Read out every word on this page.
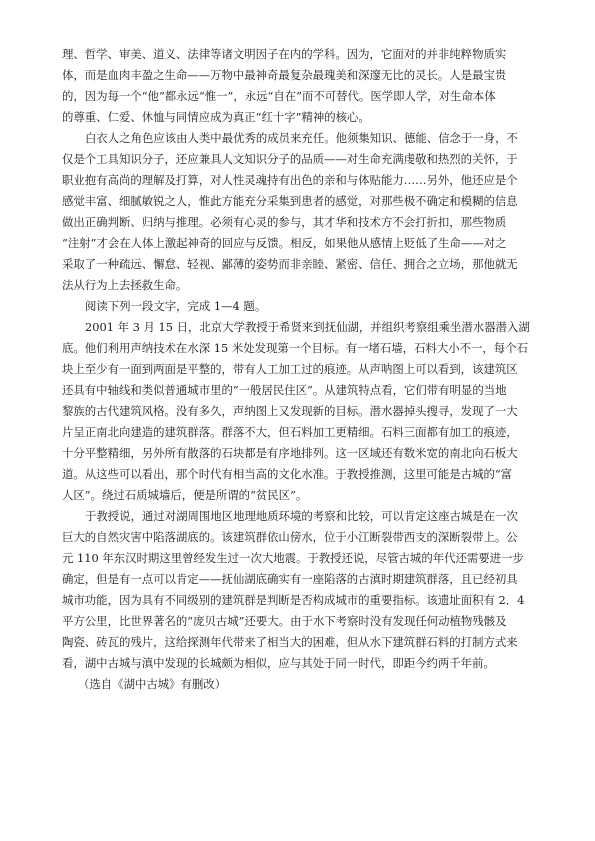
理、哲学、审美、道义、法律等诸文明因子在内的学科。因为，它面对的并非纯粹物质实
体，而是血肉丰盈之生命——万物中最神奇最复杂最瑰美和深邃无比的灵长。人是最宝贵
的，因为每一个“他”都永远“惟一”，永远“自在”而不可替代。医学即人学，对生命本体
的尊重、仁爱、休恤与同情应成为真正“红十字”精神的核心。
白衣人之角色应该由人类中最优秀的成员来充任。他须集知识、德能、信念于一身，不
仅是个工具知识分子，还应兼具人文知识分子的品质——对生命充满虔敬和热烈的关怀，于
职业抱有高尚的理解及打算，对人性灵魂持有出色的亲和与体贴能力……另外，他还应是个
感觉丰富、细腻敏锐之人，惟此方能充分采集到患者的感觉，对那些极不确定和模糊的信息
做出正确判断、归纳与推理。必须有心灵的参与，其才华和技术方不会打折扣，那些物质
“注射”才会在人体上激起神奇的回应与反馈。相反，如果他从感情上贬低了生命——对之
采取了一种疏远、懈怠、轻视、鄙薄的姿势而非亲睦、紧密、信任、拥合之立场，那他就无
法从行为上去拯救生命。
阅读下列一段文字，完成 1—4 题。
2001 年 3 月 15 日，北京大学教授于希贤来到抚仙湖，并组织考察组乘坐潜水器潜入湖
底。他们利用声纳技术在水深 15 米处发现第一个目标。有一堵石墙，石料大小不一，每个石
块上至少有一面到两面是平整的，带有人工加工过的痕迹。从声呐图上可以看到，该建筑区
还具有中轴线和类似普通城市里的“一般居民住区”。从建筑特点看，它们带有明显的当地
黎族的古代建筑风格。没有多久，声纳图上又发现新的目标。潜水器掉头搜寻，发现了一大
片呈正南北向建造的建筑群落。群落不大，但石料加工更精细。石料三面都有加工的痕迹，
十分平整精细，另外所有散落的石块都是有序地排列。这一区域还有数米宽的南北向石板大
道。从这些可以看出，那个时代有相当高的文化水准。于教授推测，这里可能是古城的“富
人区”。绕过石质城墙后，便是所谓的“贫民区”。
于教授说，通过对湖周围地区地理地质环境的考察和比较，可以肯定这座古城是在一次
巨大的自然灾害中陷落湖底的。该建筑群依山傍水，位于小江断裂带西支的深断裂带上。公
元 110 年东汉时期这里曾经发生过一次大地震。于教授还说，尽管古城的年代还需要进一步
确定，但是有一点可以肯定——抚仙湖底确实有一座陷落的古滇时期建筑群落，且已经初具
城市功能，因为具有不同级别的建筑群是判断是否构成城市的重要指标。该遗址面积有 2．4
平方公里，比世界著名的“庞贝古城”还要大。由于水下考察时没有发现任何动植物残骸及
陶瓷、砖瓦的残片，这给探测年代带来了相当大的困难，但从水下建筑群石料的打制方式来
看，湖中古城与滇中发现的长城颇为相似，应与其处于同一时代，即距今约两千年前。
（选自《湖中古城》有删改）
